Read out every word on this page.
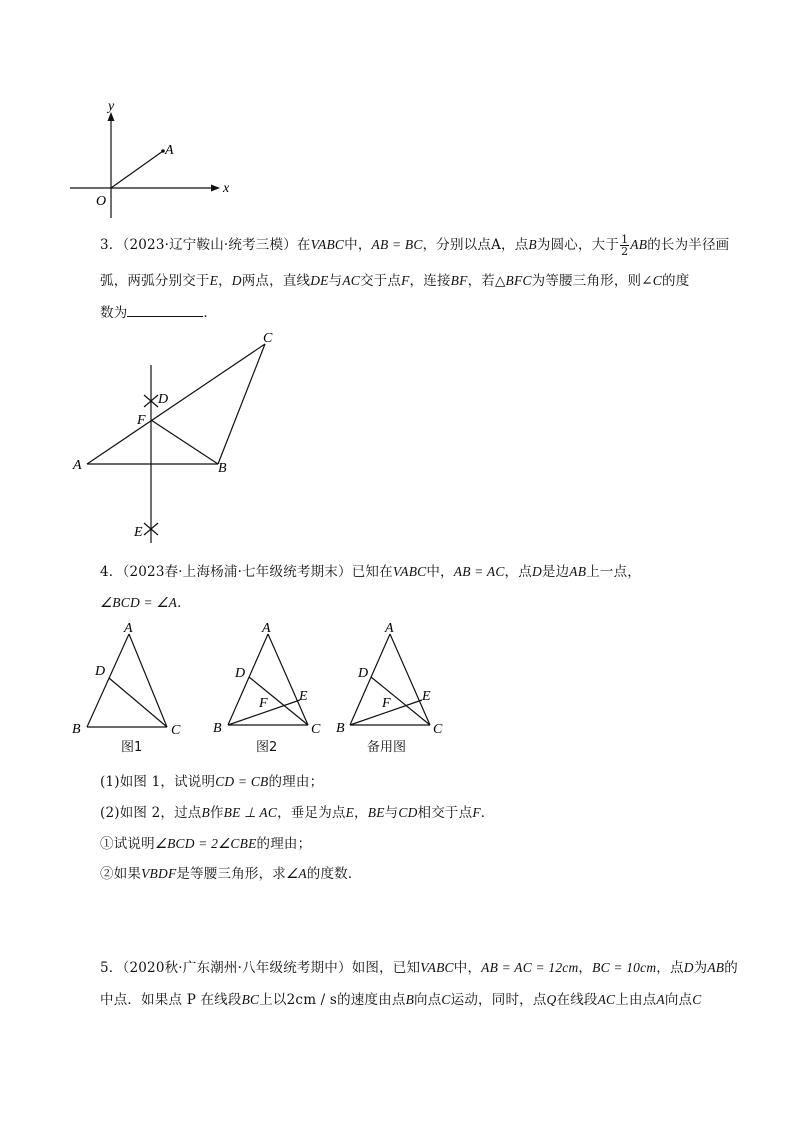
y
x
O
A
3．（2023·辽宁鞍山·统考三模）在VABC中，AB = BC，分别以点A，点B为圆心，大于 $\frac{1}{2}$ AB的长为半径画
弧，两弧分别交于E，D两点，直线DE与AC交于点F，连接BF，若△BFC为等腰三角形，则∠C的度
数为	．
A	B
C
D
E
F
4．（2023春·上海杨浦·七年级统考期末）已知在VABC中，AB = AC，点D是边AB上一点，
∠BCD = ∠A．
A
D
B	C
A
D
E
F
B	C
A
D
E
F
B	C
图1	图2	备用图
(1)如图 1，试说明CD = CB的理由；
(2)如图 2，过点B作BE ⊥ AC，垂足为点E，BE与CD相交于点F．
①试说明∠BCD = 2∠CBE的理由；
②如果VBDF是等腰三角形，求∠A的度数．
5．（2020秋·广东潮州·八年级统考期中）如图，已知VABC中，AB = AC = 12cm，BC = 10cm，点D为AB的
中点．如果点 P 在线段BC上以2cm / s的速度由点B向点C运动，同时，点Q在线段AC上由点A向点C
